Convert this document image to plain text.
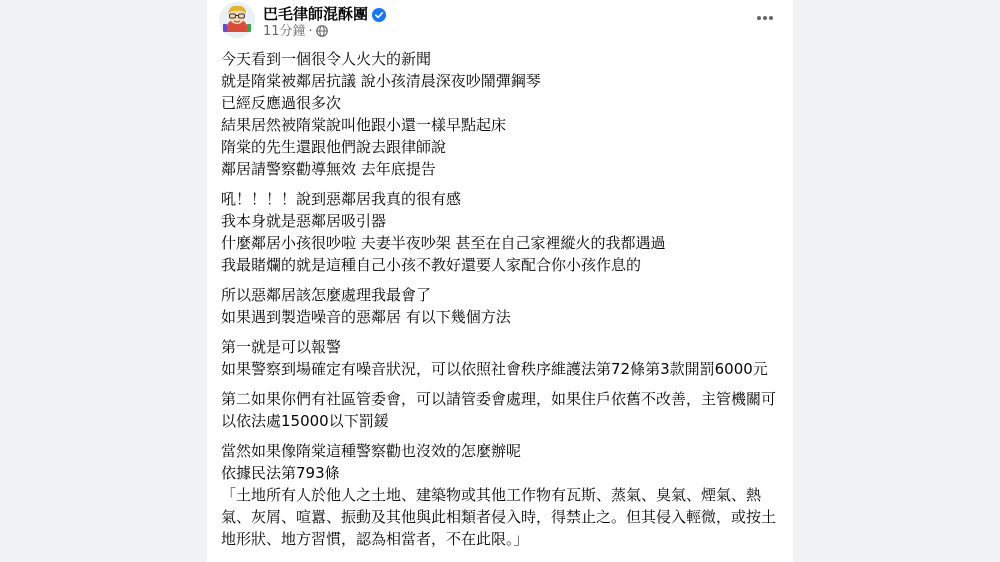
巴毛律師混酥團
11分鐘 ·
今天看到一個很令人火大的新聞
就是隋棠被鄰居抗議 說小孩清晨深夜吵鬧彈鋼琴
已經反應過很多次
結果居然被隋棠說叫他跟小還一樣早點起床
隋棠的先生還跟他們說去跟律師說
鄰居請警察勸導無效 去年底提告
吼！！！！說到惡鄰居我真的很有感
我本身就是惡鄰居吸引器
什麼鄰居小孩很吵啦 夫妻半夜吵架 甚至在自己家裡縱火的我都遇過
我最賭爛的就是這種自己小孩不教好還要人家配合你小孩作息的
所以惡鄰居該怎麼處理我最會了
如果遇到製造噪音的惡鄰居 有以下幾個方法
第一就是可以報警
如果警察到場確定有噪音狀況，可以依照社會秩序維護法第72條第3款開罰6000元
第二如果你們有社區管委會，可以請管委會處理，如果住戶依舊不改善，主管機關可以依法處15000以下罰鍰
當然如果像隋棠這種警察勸也沒效的怎麼辦呢
依據民法第793條
「土地所有人於他人之土地、建築物或其他工作物有瓦斯、蒸氣、臭氣、煙氣、熱氣、灰屑、喧囂、振動及其他與此相類者侵入時，得禁止之。但其侵入輕微，或按土地形狀、地方習慣，認為相當者，不在此限。」
